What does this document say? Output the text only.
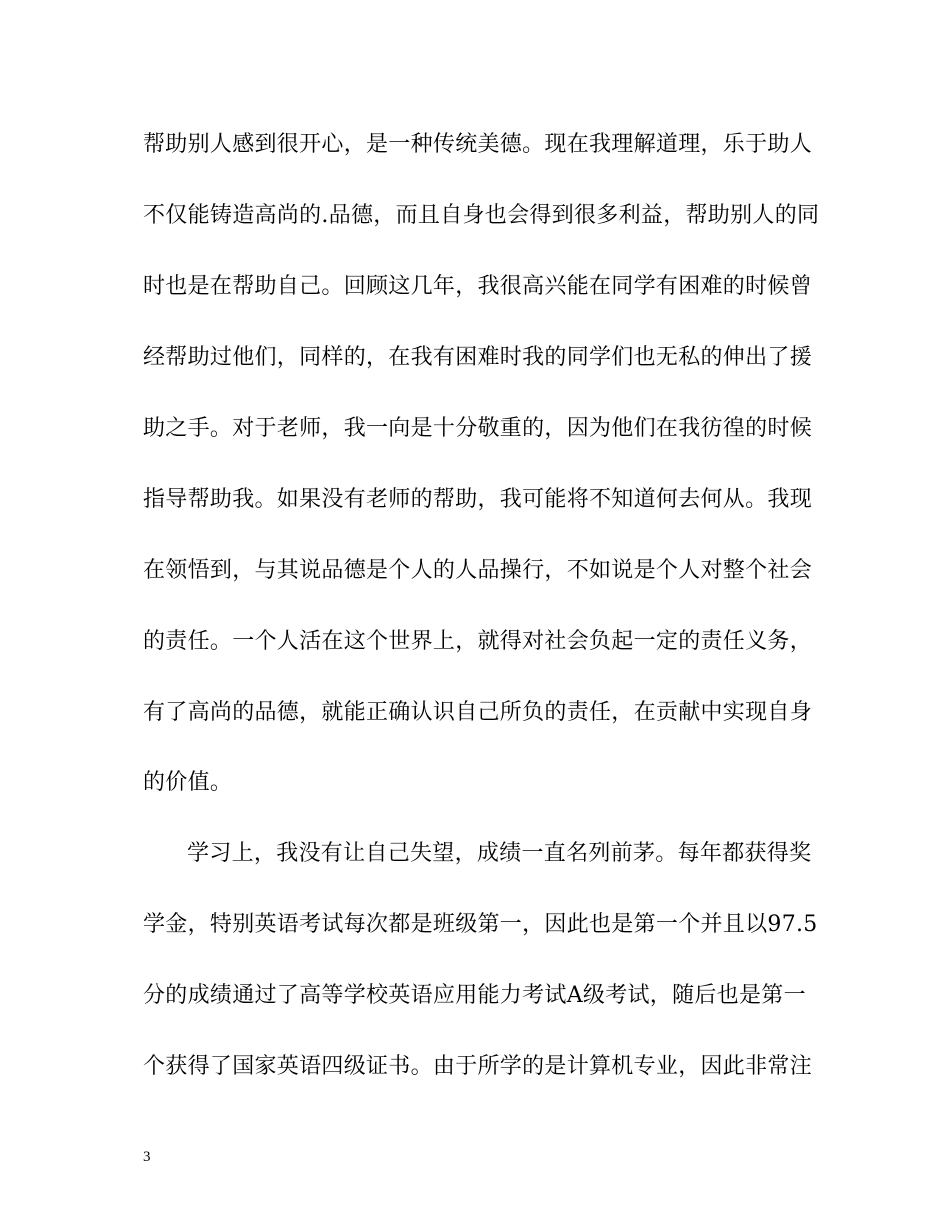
帮助别人感到很开心，是一种传统美德。现在我理解道理，乐于助人
不仅能铸造高尚的.品德，而且自身也会得到很多利益，帮助别人的同
时也是在帮助自己。回顾这几年，我很高兴能在同学有困难的时候曾
经帮助过他们，同样的，在我有困难时我的同学们也无私的伸出了援
助之手。对于老师，我一向是十分敬重的，因为他们在我彷徨的时候
指导帮助我。如果没有老师的帮助，我可能将不知道何去何从。我现
在领悟到，与其说品德是个人的人品操行，不如说是个人对整个社会
的责任。一个人活在这个世界上，就得对社会负起一定的责任义务，
有了高尚的品德，就能正确认识自己所负的责任，在贡献中实现自身
的价值。
学习上，我没有让自己失望，成绩一直名列前茅。每年都获得奖
学金，特别英语考试每次都是班级第一，因此也是第一个并且以97.5
分的成绩通过了高等学校英语应用能力考试A级考试，随后也是第一
个获得了国家英语四级证书。由于所学的是计算机专业，因此非常注
3
